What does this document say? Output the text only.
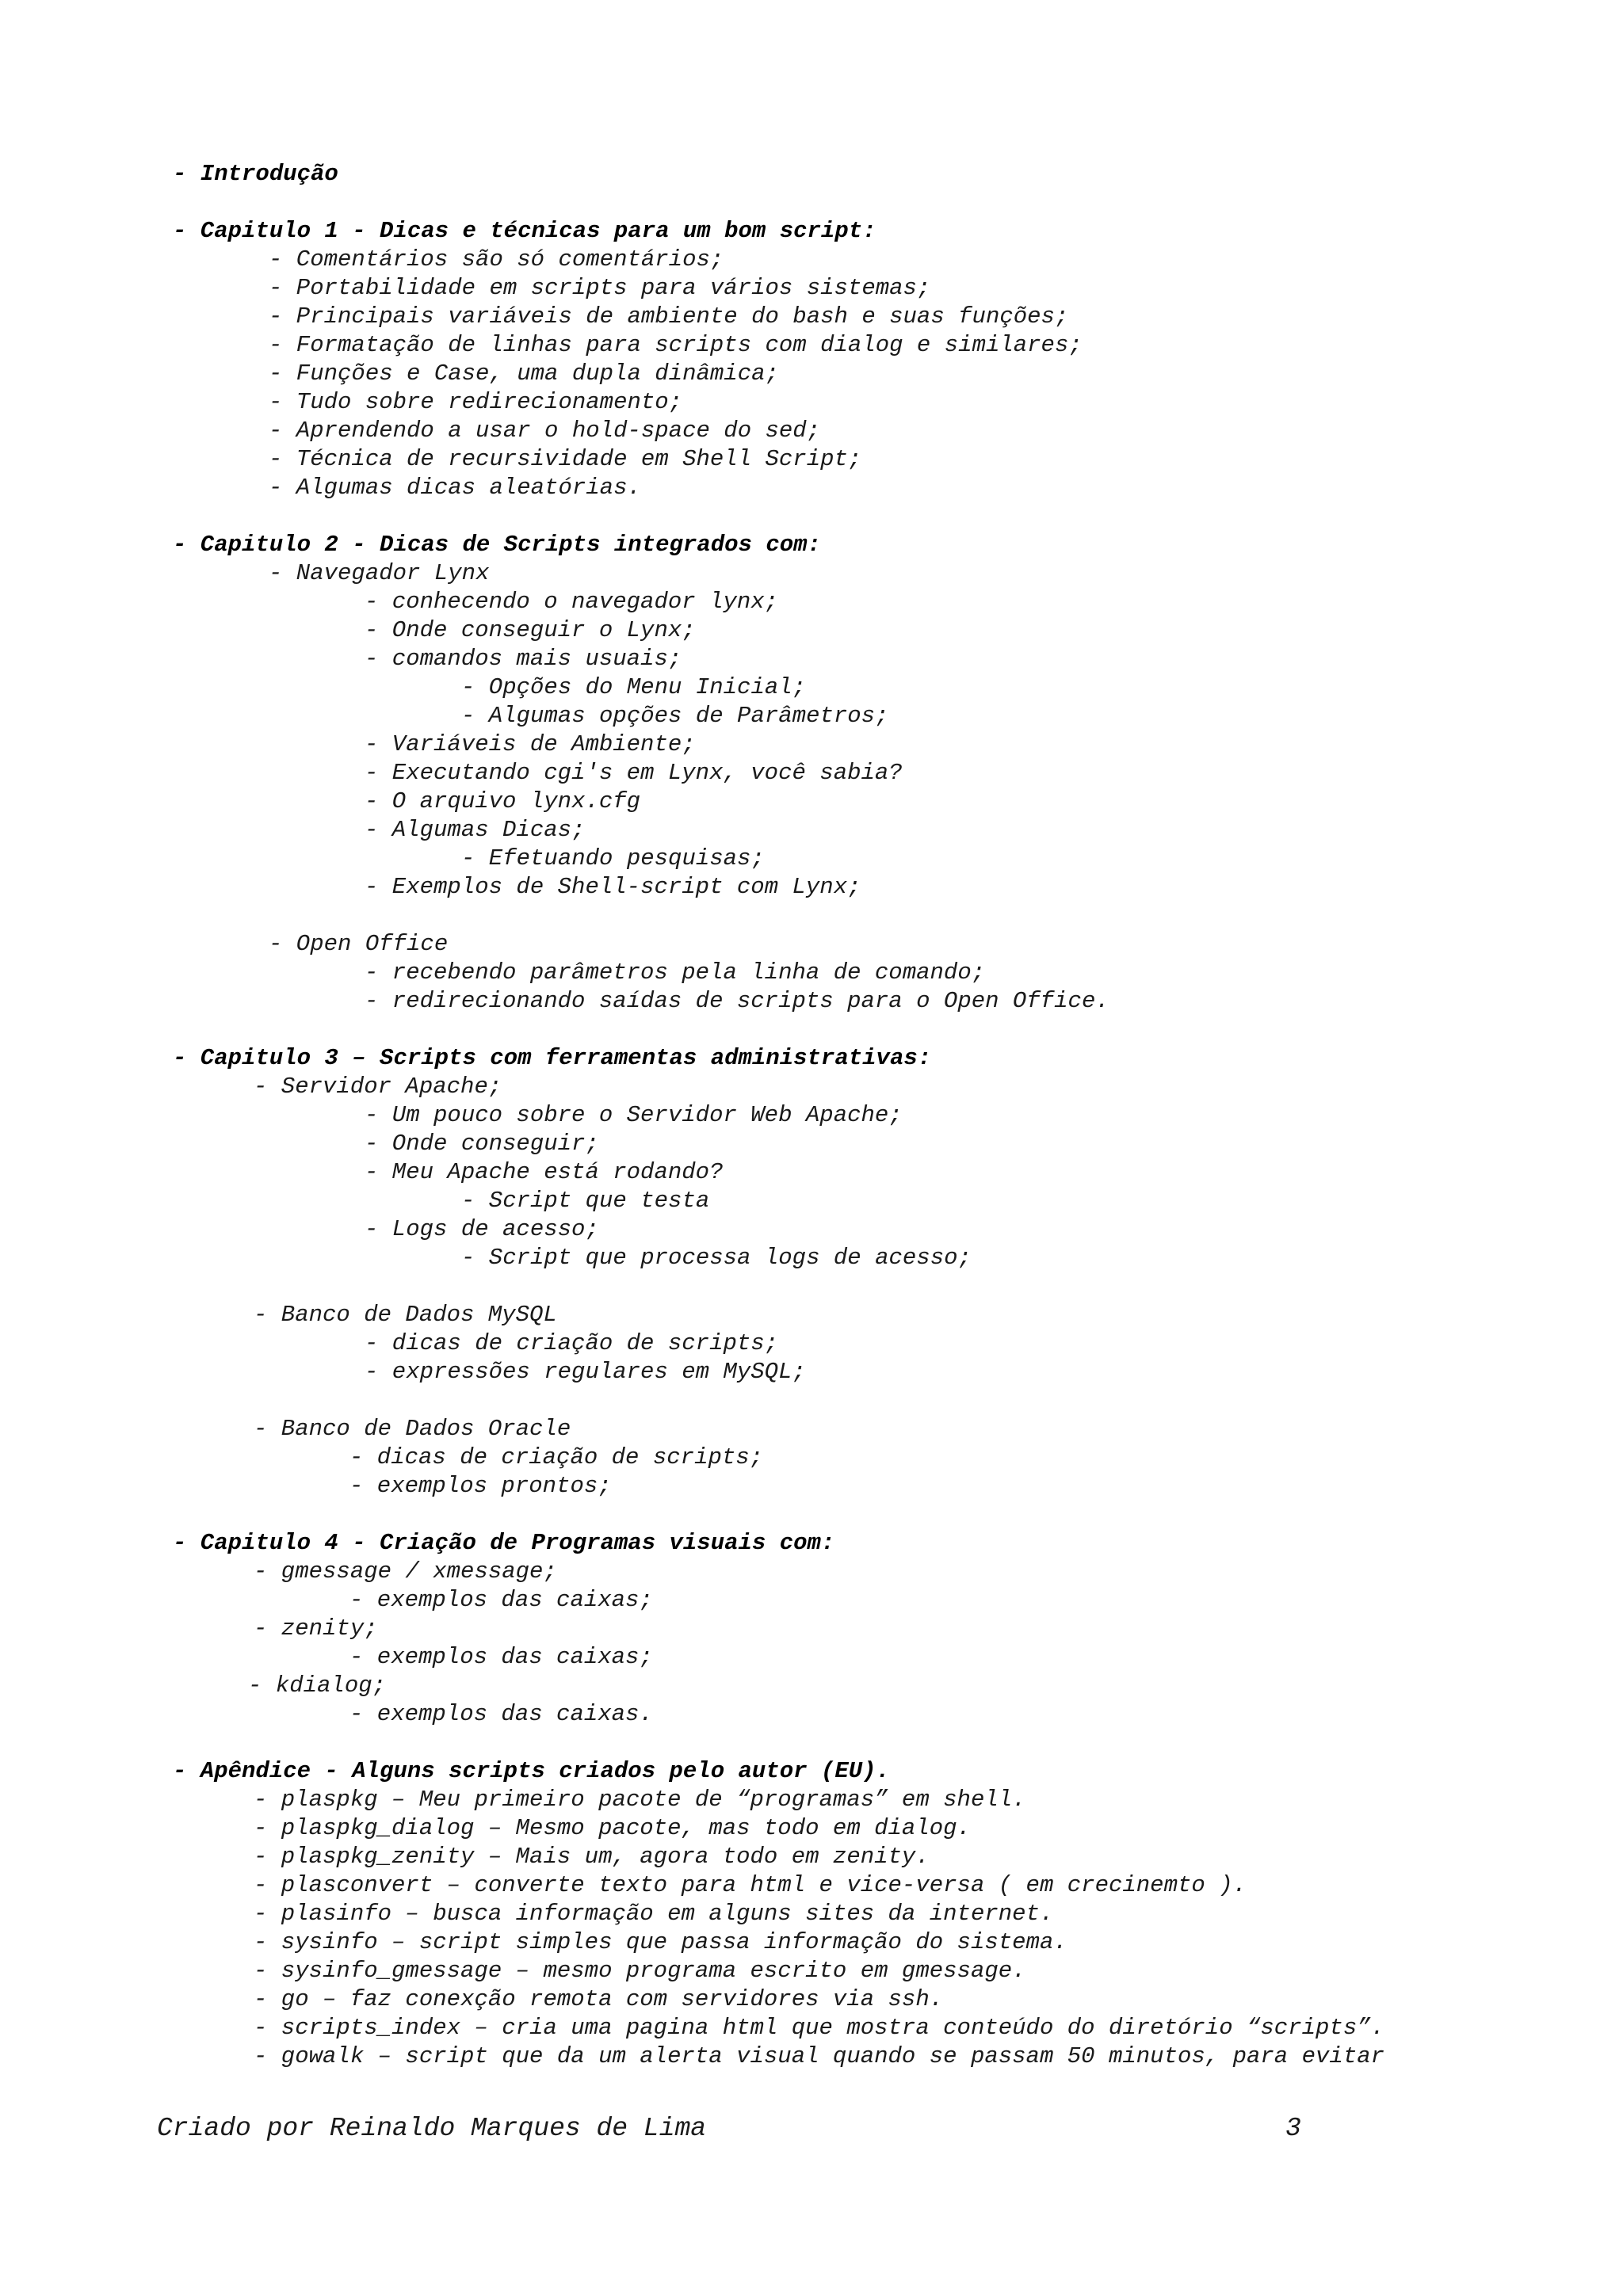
- Introdução
- Capitulo 1 - Dicas e técnicas para um bom script:
- Comentários são só comentários;
- Portabilidade em scripts para vários sistemas;
- Principais variáveis de ambiente do bash e suas funções;
- Formatação de linhas para scripts com dialog e similares;
- Funções e Case, uma dupla dinâmica;
- Tudo sobre redirecionamento;
- Aprendendo a usar o hold-space do sed;
- Técnica de recursividade em Shell Script;
- Algumas dicas aleatórias.
- Capitulo 2 - Dicas de Scripts integrados com:
- Navegador Lynx
- conhecendo o navegador lynx;
- Onde conseguir o Lynx;
- comandos mais usuais;
- Opções do Menu Inicial;
- Algumas opções de Parâmetros;
- Variáveis de Ambiente;
- Executando cgi's em Lynx, você sabia?
- O arquivo lynx.cfg
- Algumas Dicas;
- Efetuando pesquisas;
- Exemplos de Shell-script com Lynx;
- Open Office
- recebendo parâmetros pela linha de comando;
- redirecionando saídas de scripts para o Open Office.
- Capitulo 3 – Scripts com ferramentas administrativas:
- Servidor Apache;
- Um pouco sobre o Servidor Web Apache;
- Onde conseguir;
- Meu Apache está rodando?
- Script que testa
- Logs de acesso;
- Script que processa logs de acesso;
- Banco de Dados MySQL
- dicas de criação de scripts;
- expressões regulares em MySQL;
- Banco de Dados Oracle
- dicas de criação de scripts;
- exemplos prontos;
- Capitulo 4 - Criação de Programas visuais com:
- gmessage / xmessage;
- exemplos das caixas;
- zenity;
- exemplos das caixas;
- kdialog;
- exemplos das caixas.
- Apêndice - Alguns scripts criados pelo autor (EU).
- plaspkg – Meu primeiro pacote de “programas” em shell.
- plaspkg_dialog – Mesmo pacote, mas todo em dialog.
- plaspkg_zenity – Mais um, agora todo em zenity.
- plasconvert – converte texto para html e vice-versa ( em crecinemto ).
- plasinfo – busca informação em alguns sites da internet.
- sysinfo – script simples que passa informação do sistema.
- sysinfo_gmessage – mesmo programa escrito em gmessage.
- go – faz conexção remota com servidores via ssh.
- scripts_index – cria uma pagina html que mostra conteúdo do diretório “scripts”.
- gowalk – script que da um alerta visual quando se passam 50 minutos, para evitar
Criado por Reinaldo Marques de Lima	3
